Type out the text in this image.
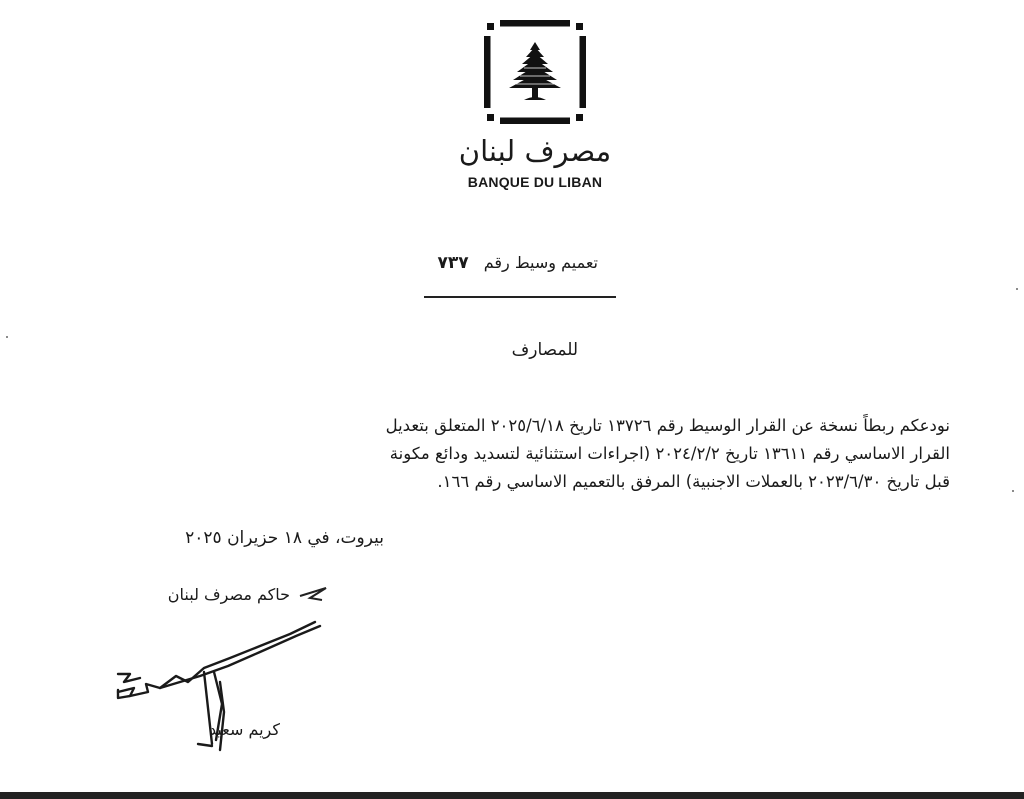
مصرف لبنان
BANQUE DU LIBAN
تعميم وسيط رقم ٧٣٧
للمصارف
نودعكم ربطاً نسخة عن القرار الوسيط رقم ١٣٧٢٦ تاريخ ٢٠٢٥/٦/١٨ المتعلق بتعديل
القرار الاساسي رقم ١٣٦١١ تاريخ ٢٠٢٤/٢/٢ (اجراءات استثنائية لتسديد ودائع مكونة
قبل تاريخ ٢٠٢٣/٦/٣٠ بالعملات الاجنبية) المرفق بالتعميم الاساسي رقم ١٦٦.
بيروت، في ١٨ حزيران ٢٠٢٥
حاكم مصرف لبنان
كريم سعيد
